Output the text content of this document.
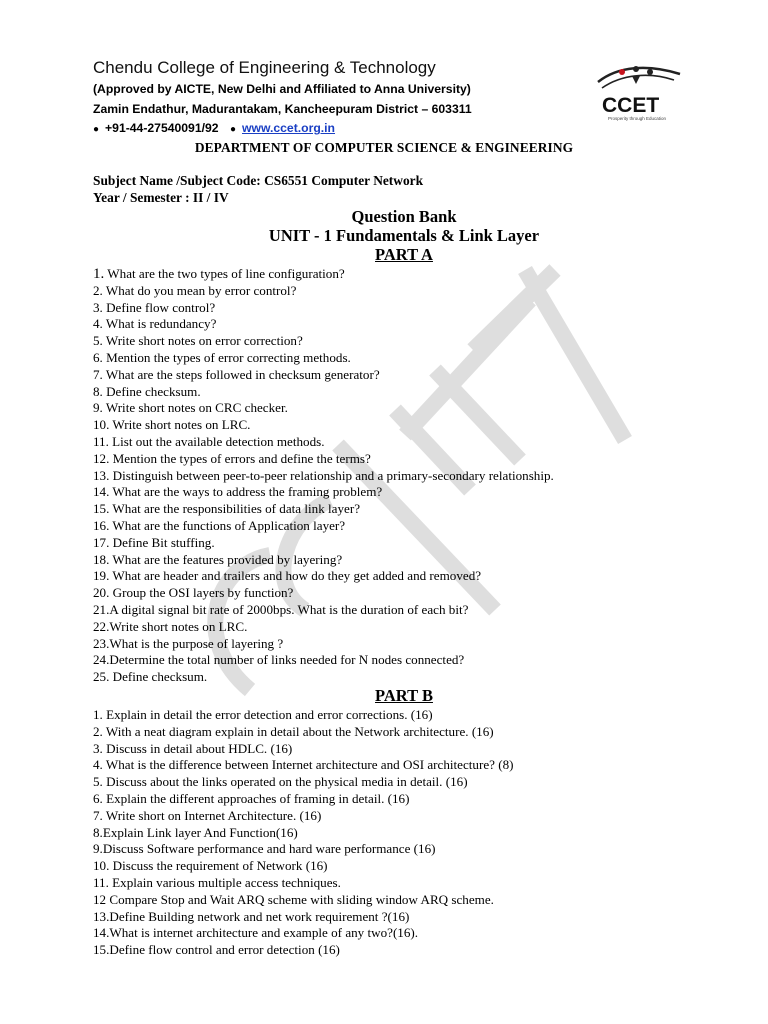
Chendu College of Engineering & Technology
(Approved by AICTE, New Delhi and Affiliated to Anna University)
Zamin Endathur, Madurantakam, Kancheepuram District – 603311
● +91-44-27540091/92 ● www.ccet.org.in
CCET
Prosperity through Education
DEPARTMENT OF COMPUTER SCIENCE & ENGINEERING
Subject Name /Subject Code: CS6551 Computer Network
Year / Semester : II / IV
Question Bank
UNIT - 1 Fundamentals & Link Layer
PART A
1. What are the two types of line configuration?
2. What do you mean by error control?
3. Define flow control?
4. What is redundancy?
5. Write short notes on error correction?
6. Mention the types of error correcting methods.
7. What are the steps followed in checksum generator?
8. Define checksum.
9. Write short notes on CRC checker.
10. Write short notes on LRC.
11. List out the available detection methods.
12. Mention the types of errors and define the terms?
13. Distinguish between peer-to-peer relationship and a primary-secondary relationship.
14. What are the ways to address the framing problem?
15. What are the responsibilities of data link layer?
16. What are the functions of Application layer?
17. Define Bit stuffing.
18. What are the features provided by layering?
19. What are header and trailers and how do they get added and removed?
20. Group the OSI layers by function?
21.A digital signal bit rate of 2000bps. What is the duration of each bit?
22.Write short notes on LRC.
23.What is the purpose of layering ?
24.Determine the total number of links needed for N nodes connected?
25. Define checksum.
PART B
1. Explain in detail the error detection and error corrections. (16)
2. With a neat diagram explain in detail about the Network architecture. (16)
3. Discuss in detail about HDLC. (16)
4. What is the difference between Internet architecture and OSI architecture? (8)
5. Discuss about the links operated on the physical media in detail. (16)
6. Explain the different approaches of framing in detail. (16)
7. Write short on Internet Architecture. (16)
8.Explain Link layer And Function(16)
9.Discuss Software performance and hard ware performance (16)
10. Discuss the requirement of Network (16)
11. Explain various multiple access techniques.
12 Compare Stop and Wait ARQ scheme with sliding window ARQ scheme.
13.Define Building network and net work requirement ?(16)
14.What is internet architecture and example of any two?(16).
15.Define flow control and error detection (16)
